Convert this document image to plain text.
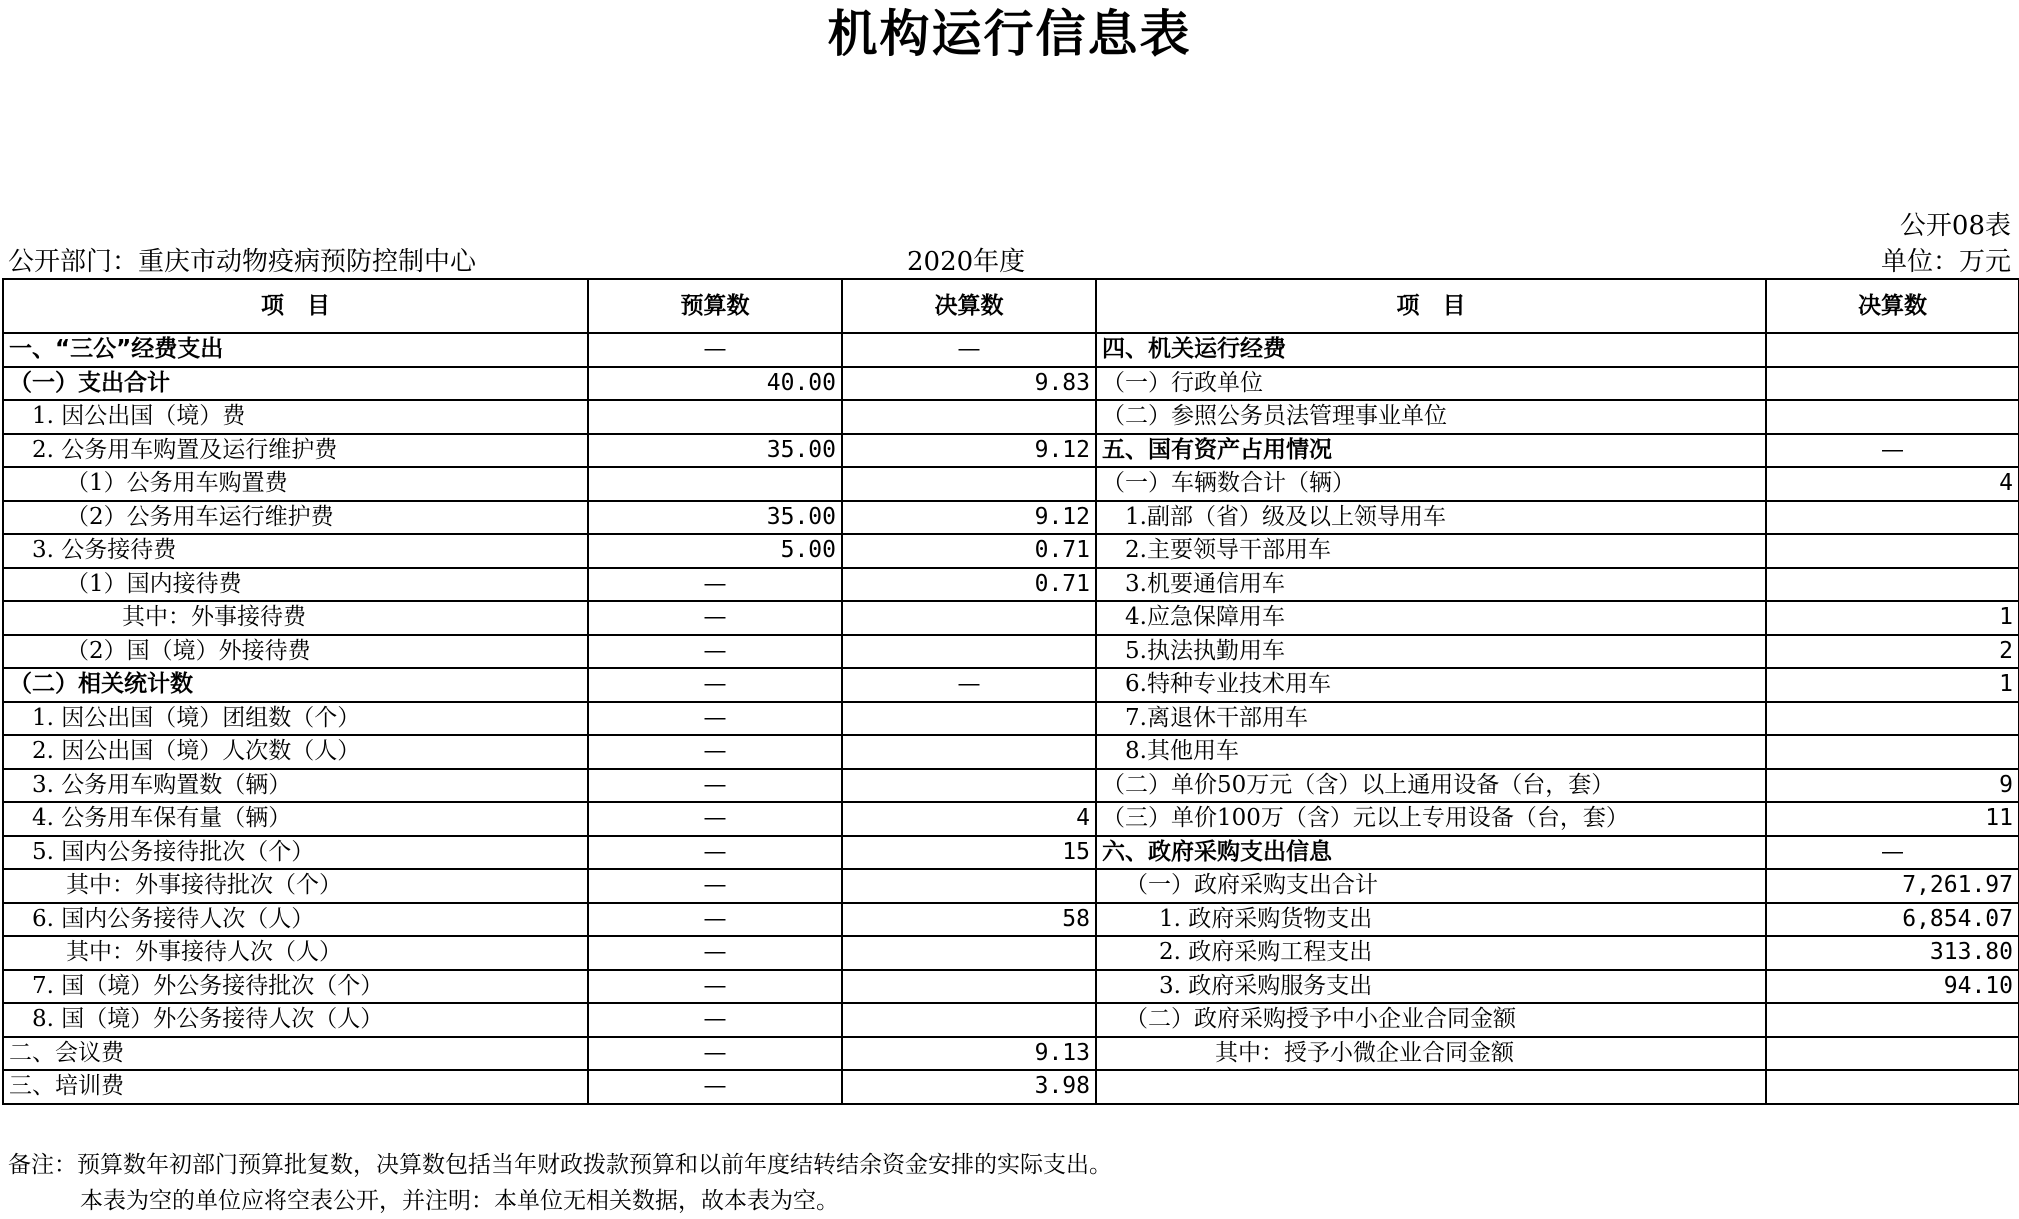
机构运行信息表
公开08表
公开部门：重庆市动物疫病预防控制中心	2020年度	单位：万元
项　目	预算数	决算数	项　目	决算数
一、“三公”经费支出	—	—	四、机关运行经费	
（一）支出合计	40.00	9.83	（一）行政单位	
1. 因公出国（境）费			（二）参照公务员法管理事业单位	
2. 公务用车购置及运行维护费	35.00	9.12	五、国有资产占用情况	—
（1）公务用车购置费			（一）车辆数合计（辆）	4
（2）公务用车运行维护费	35.00	9.12	1.副部（省）级及以上领导用车	
3. 公务接待费	5.00	0.71	2.主要领导干部用车	
（1）国内接待费	—	0.71	3.机要通信用车	
其中：外事接待费	—		4.应急保障用车	1
（2）国（境）外接待费	—		5.执法执勤用车	2
（二）相关统计数	—	—	6.特种专业技术用车	1
1. 因公出国（境）团组数（个）	—		7.离退休干部用车	
2. 因公出国（境）人次数（人）	—		8.其他用车	
3. 公务用车购置数（辆）	—		（二）单价50万元（含）以上通用设备（台，套）	9
4. 公务用车保有量（辆）	—	4	（三）单价100万（含）元以上专用设备（台，套）	11
5. 国内公务接待批次（个）	—	15	六、政府采购支出信息	—
其中：外事接待批次（个）	—		（一）政府采购支出合计	7,261.97
6. 国内公务接待人次（人）	—	58	1. 政府采购货物支出	6,854.07
其中：外事接待人次（人）	—		2. 政府采购工程支出	313.80
7. 国（境）外公务接待批次（个）	—		3. 政府采购服务支出	94.10
8. 国（境）外公务接待人次（人）	—		（二）政府采购授予中小企业合同金额	
二、会议费	—	9.13	其中：授予小微企业合同金额	
三、培训费	—	3.98		
备注：预算数年初部门预算批复数，决算数包括当年财政拨款预算和以前年度结转结余资金安排的实际支出。
本表为空的单位应将空表公开，并注明：本单位无相关数据，故本表为空。
